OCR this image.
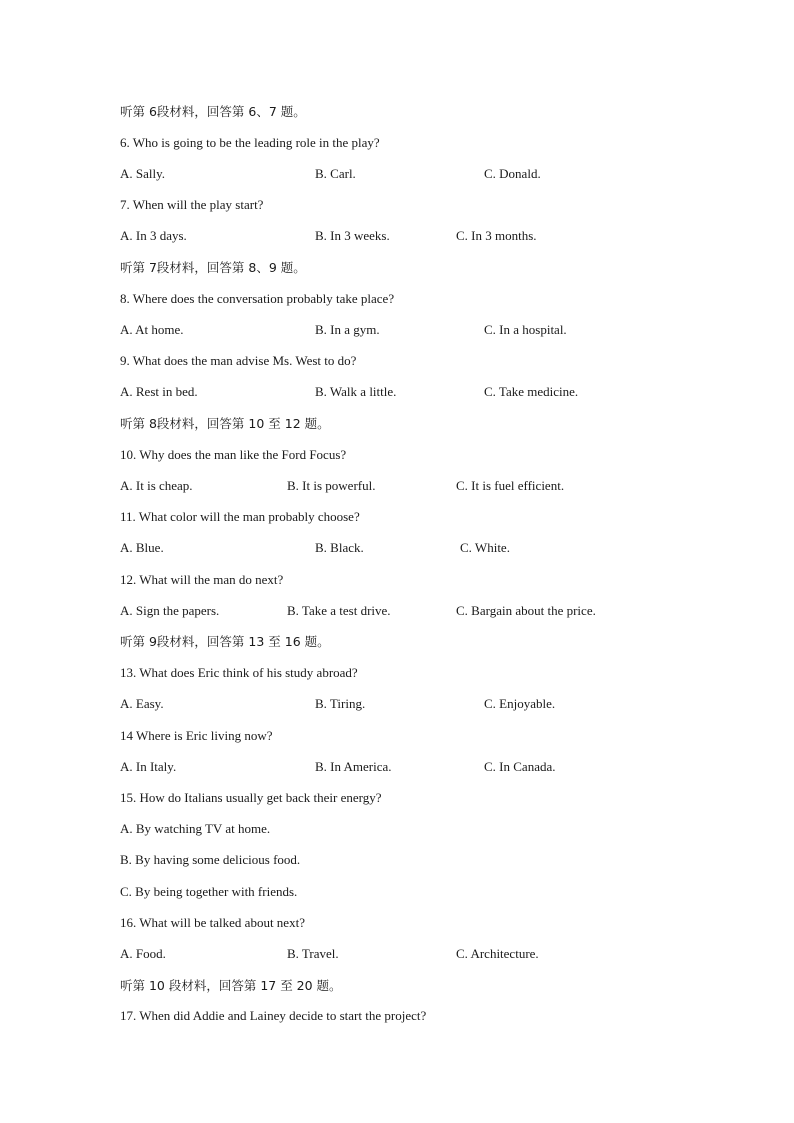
听第 6段材料，回答第 6、7 题。
6. Who is going to be the leading role in the play?
A. Sally.	B. Carl.	C. Donald.
7. When will the play start?
A. In 3 days.	B. In 3 weeks.	C. In 3 months.
听第 7段材料，回答第 8、9 题。
8. Where does the conversation probably take place?
A. At home.	B. In a gym.	C. In a hospital.
9. What does the man advise Ms. West to do?
A. Rest in bed.	B. Walk a little.	C. Take medicine.
听第 8段材料，回答第 10 至 12 题。
10. Why does the man like the Ford Focus?
A. It is cheap.	B. It is powerful.	C. It is fuel efficient.
11. What color will the man probably choose?
A. Blue.	B. Black.	C. White.
12. What will the man do next?
A. Sign the papers.	B. Take a test drive.	C. Bargain about the price.
听第 9段材料，回答第 13 至 16 题。
13. What does Eric think of his study abroad?
A. Easy.	B. Tiring.	C. Enjoyable.
14 Where is Eric living now?
A. In Italy.	B. In America.	C. In Canada.
15. How do Italians usually get back their energy?
A. By watching TV at home.
B. By having some delicious food.
C. By being together with friends.
16. What will be talked about next?
A. Food.	B. Travel.	C. Architecture.
听第 10 段材料，回答第 17 至 20 题。
17. When did Addie and Lainey decide to start the project?
